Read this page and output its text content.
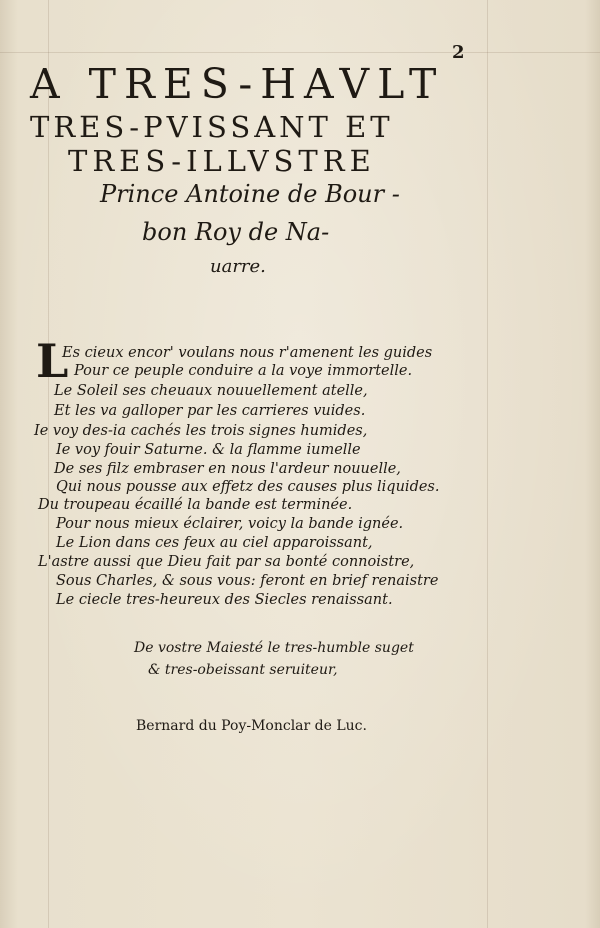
2
A TRES-HAVLT
TRES-PVISSANT ET
TRES-ILLVSTRE
Prince Antoine de Bour -
bon Roy de Na-
uarre.
L
Es cieux encor' voulans nous r'amenent les guides
Pour ce peuple conduire a la voye immortelle.
Le Soleil ses cheuaux nouuellement atelle,
Et les va galloper par les carrieres vuides.
Ie voy des-ia cachés les trois signes humides,
Ie voy fouir Saturne. & la flamme iumelle
De ses filz embraser en nous l'ardeur nouuelle,
Qui nous pousse aux effetz des causes plus liquides.
Du troupeau écaillé la bande est terminée.
Pour nous mieux éclairer, voicy la bande ignée.
Le Lion dans ces feux au ciel apparoissant,
L'astre aussi que Dieu fait par sa bonté connoistre,
Sous Charles, & sous vous: feront en brief renaistre
Le ciecle tres-heureux des Siecles renaissant.
De vostre Maiesté le tres-humble suget
& tres-obeissant seruiteur,
Bernard du Poy-Monclar de Luc.
